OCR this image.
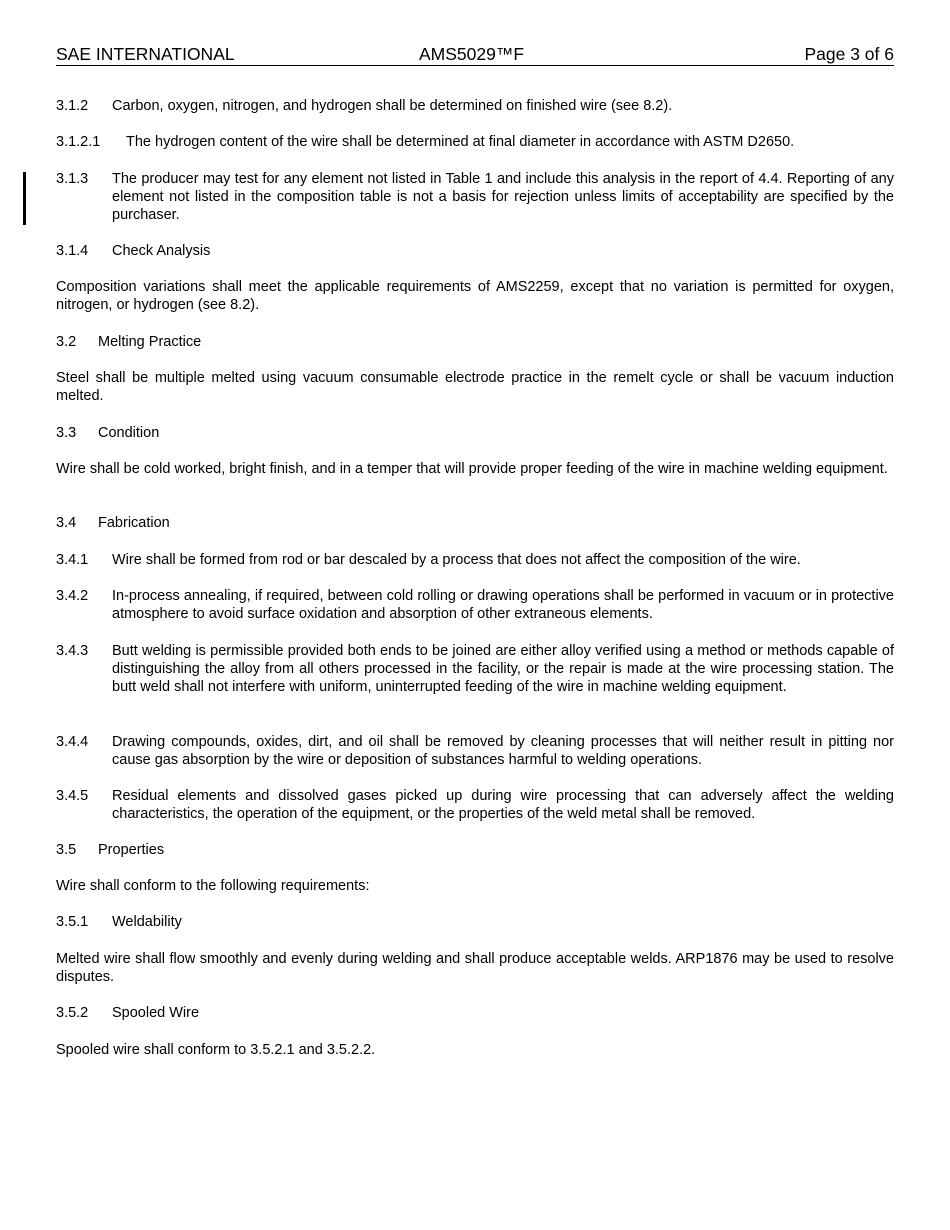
SAE INTERNATIONAL	AMS5029™F	Page 3 of 6
3.1.2 Carbon, oxygen, nitrogen, and hydrogen shall be determined on finished wire (see 8.2).
3.1.2.1 The hydrogen content of the wire shall be determined at final diameter in accordance with ASTM D2650.
3.1.3 The producer may test for any element not listed in Table 1 and include this analysis in the report of 4.4. Reporting of any element not listed in the composition table is not a basis for rejection unless limits of acceptability are specified by the purchaser.
3.1.4 Check Analysis
Composition variations shall meet the applicable requirements of AMS2259, except that no variation is permitted for oxygen, nitrogen, or hydrogen (see 8.2).
3.2 Melting Practice
Steel shall be multiple melted using vacuum consumable electrode practice in the remelt cycle or shall be vacuum induction melted.
3.3 Condition
Wire shall be cold worked, bright finish, and in a temper that will provide proper feeding of the wire in machine welding equipment.
3.4 Fabrication
3.4.1 Wire shall be formed from rod or bar descaled by a process that does not affect the composition of the wire.
3.4.2 In-process annealing, if required, between cold rolling or drawing operations shall be performed in vacuum or in protective atmosphere to avoid surface oxidation and absorption of other extraneous elements.
3.4.3 Butt welding is permissible provided both ends to be joined are either alloy verified using a method or methods capable of distinguishing the alloy from all others processed in the facility, or the repair is made at the wire processing station. The butt weld shall not interfere with uniform, uninterrupted feeding of the wire in machine welding equipment.
3.4.4 Drawing compounds, oxides, dirt, and oil shall be removed by cleaning processes that will neither result in pitting nor cause gas absorption by the wire or deposition of substances harmful to welding operations.
3.4.5 Residual elements and dissolved gases picked up during wire processing that can adversely affect the welding characteristics, the operation of the equipment, or the properties of the weld metal shall be removed.
3.5 Properties
Wire shall conform to the following requirements:
3.5.1 Weldability
Melted wire shall flow smoothly and evenly during welding and shall produce acceptable welds. ARP1876 may be used to resolve disputes.
3.5.2 Spooled Wire
Spooled wire shall conform to 3.5.2.1 and 3.5.2.2.
